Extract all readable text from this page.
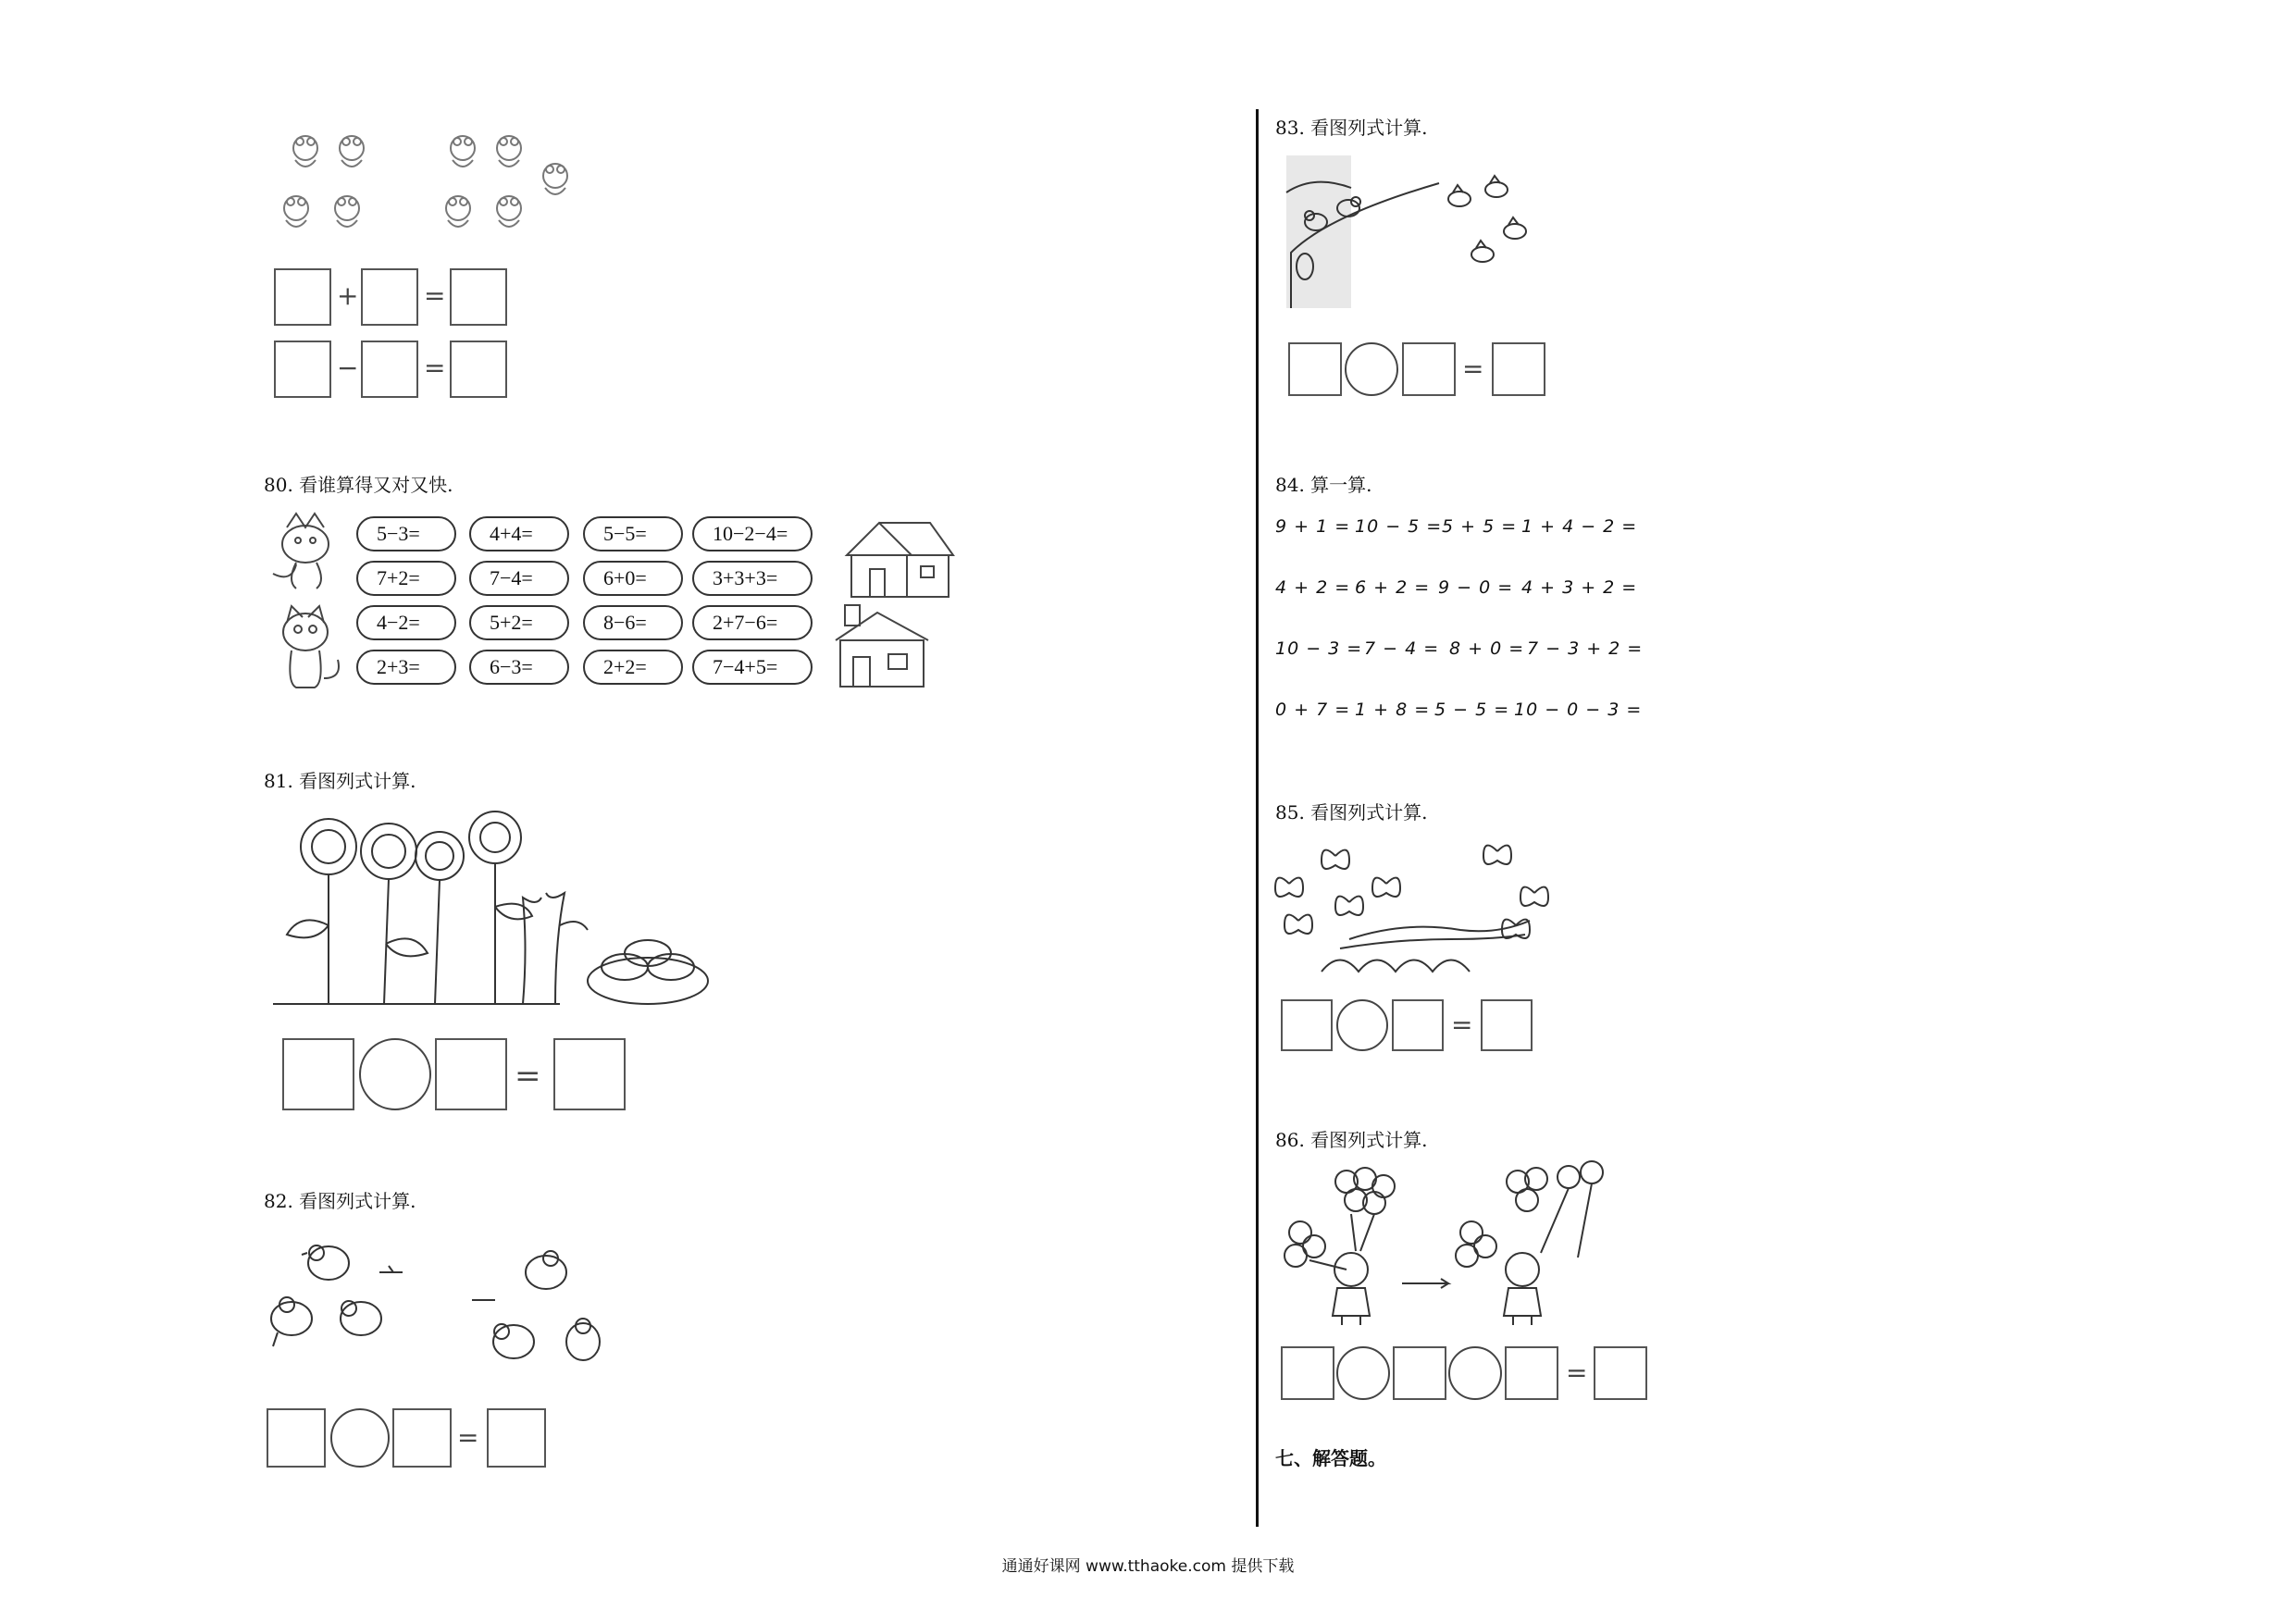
+	=
−	=
80. 看谁算得又对又快.
5−3=	4+4=	5−5=	10−2−4=
7+2=	7−4=	6+0=	3+3+3=
4−2=	5+2=	8−6=	2+7−6=
2+3=	6−3=	2+2=	7−4+5=
81. 看图列式计算.
=
82. 看图列式计算.
=
83. 看图列式计算.
=
84. 算一算.
9 + 1 = 10 − 5 = 5 + 5 = 1 + 4 − 2 =
4 + 2 = 6 + 2 = 9 − 0 = 4 + 3 + 2 =
10 − 3 = 7 − 4 = 8 + 0 = 7 − 3 + 2 =
0 + 7 = 1 + 8 = 5 − 5 = 10 − 0 − 3 =
85. 看图列式计算.
=
86. 看图列式计算.
=
七、解答题。
通通好课网 www.tthaoke.com 提供下载
